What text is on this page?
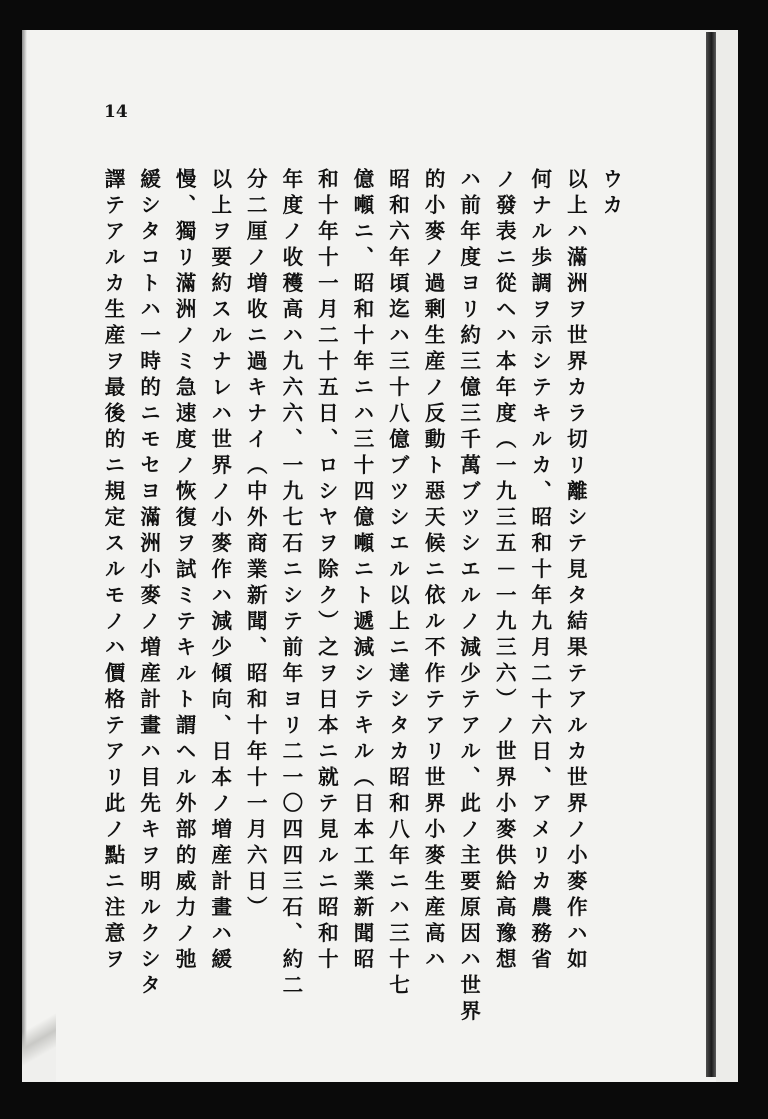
14
ウカ
以上ハ滿洲ヲ世界カラ切リ離シテ見タ結果テアルカ世界ノ小麥作ハ如
何ナル歩調ヲ示シテキルカ、昭和十年九月二十六日、アメリカ農務省
ノ發表ニ從ヘハ本年度（一九三五－一九三六）ノ世界小麥供給高豫想
ハ前年度ヨリ約三億三千萬ブツシエルノ減少テアル、此ノ主要原因ハ世界
的小麥ノ過剰生産ノ反動ト惡天候ニ依ル不作テアリ世界小麥生産高ハ
昭和六年頃迄ハ三十八億ブツシエル以上ニ達シタカ昭和八年ニハ三十七
億噸ニ、昭和十年ニハ三十四億噸ニト遞減シテキル（日本工業新聞昭
和十年十一月二十五日、ロシヤヲ除ク）之ヲ日本ニ就テ見ルニ昭和十
年度ノ收穫高ハ九六六、一九七石ニシテ前年ヨリ二一〇四四三石、約二
分二厘ノ増收ニ過キナイ（中外商業新聞、昭和十年十一月六日）
以上ヲ要約スルナレハ世界ノ小麥作ハ減少傾向、日本ノ増産計畫ハ緩
慢、獨リ滿洲ノミ急速度ノ恢復ヲ試ミテキルト謂ヘル外部的威力ノ弛
緩シタコトハ一時的ニモセヨ滿洲小麥ノ増産計畫ハ目先キヲ明ルクシタ
譯テアルカ生産ヲ最後的ニ規定スルモノハ價格テアリ此ノ點ニ注意ヲ
